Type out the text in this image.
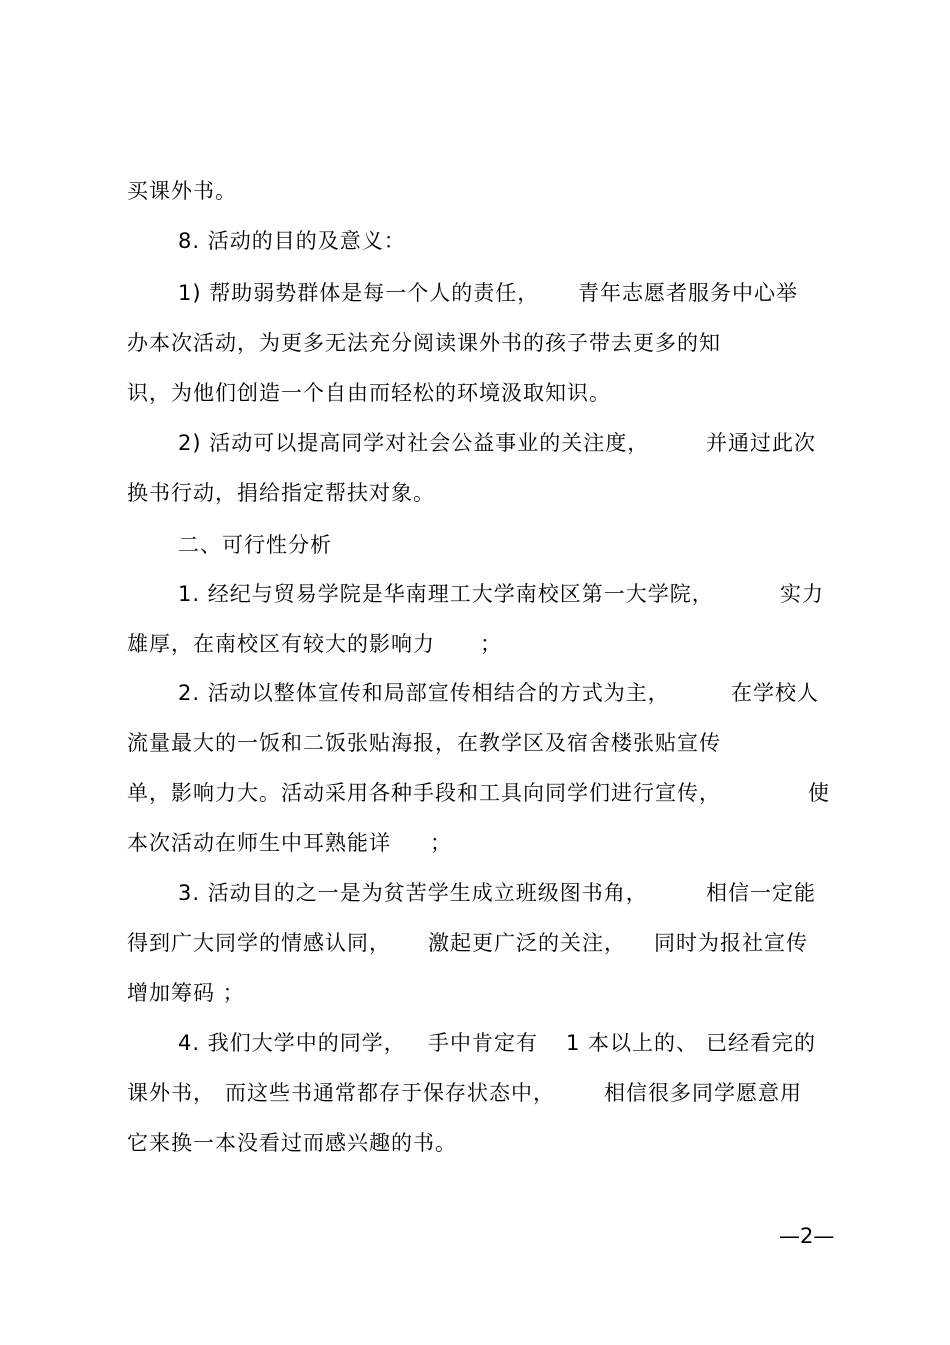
买课外书。
8. 活动的目的及意义：
1) 帮助弱势群体是每一个人的责任， 青年志愿者服务中心举
办本次活动，为更多无法充分阅读课外书的孩子带去更多的知
识，为他们创造一个自由而轻松的环境汲取知识。
2) 活动可以提高同学对社会公益事业的关注度，	并通过此次
换书行动，捐给指定帮扶对象。
二、可行性分析
1. 经纪与贸易学院是华南理工大学南校区第一大学院，	实力
雄厚，在南校区有较大的影响力 ；
2. 活动以整体宣传和局部宣传相结合的方式为主，	在学校人
流量最大的一饭和二饭张贴海报，在教学区及宿舍楼张贴宣传
单，影响力大。活动采用各种手段和工具向同学们进行宣传，	使
本次活动在师生中耳熟能详 ；
3. 活动目的之一是为贫苦学生成立班级图书角，	相信一定能
得到广大同学的情感认同， 激起更广泛的关注， 同时为报社宣传
增加筹码 ；
4. 我们大学中的同学， 手中肯定有 1 本以上的、 已经看完的
课外书， 而这些书通常都存于保存状态中， 相信很多同学愿意用
它来换一本没看过而感兴趣的书。
—2—
